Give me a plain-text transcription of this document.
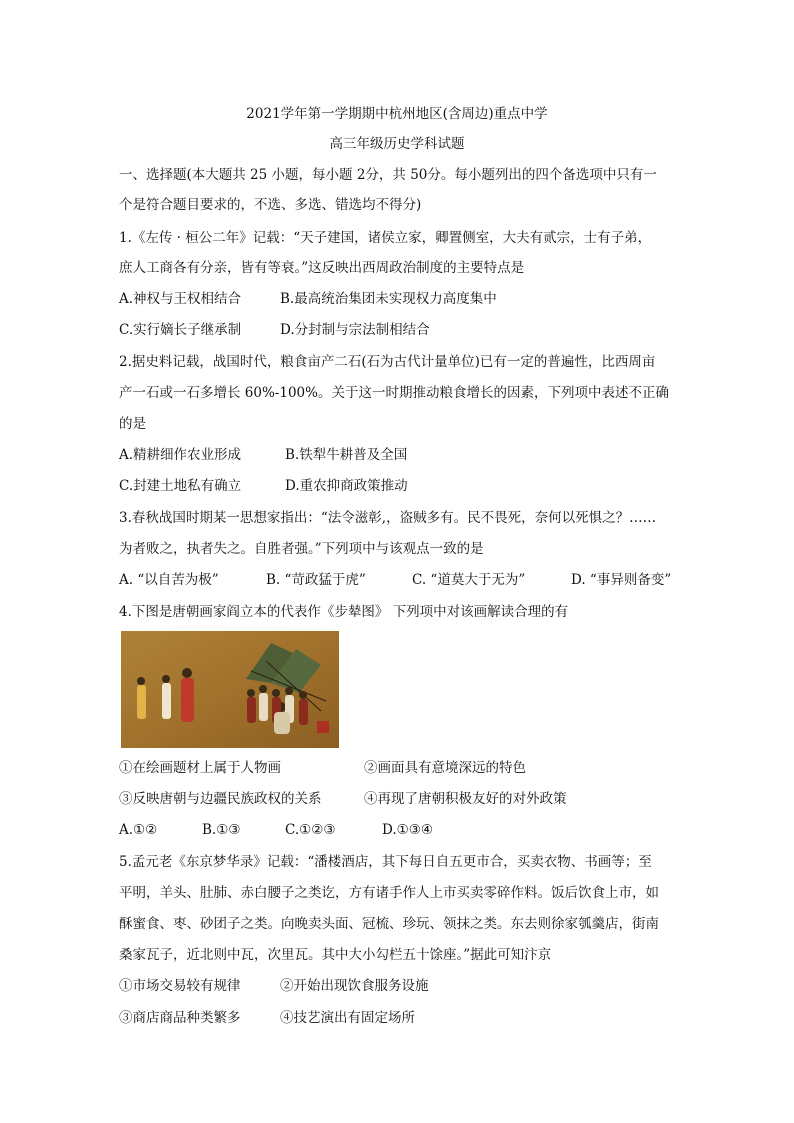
2021学年第一学期期中杭州地区(含周边)重点中学
高三年级历史学科试题
一、选择题(本大题共 25 小题，每小题 2分，共 50分。每小题列出的四个备选项中只有一
个是符合题目要求的，不选、多选、错选均不得分)
1.《左传 · 桓公二年》记载：“天子建国，诸侯立家，卿置侧室，大夫有贰宗，士有子弟，
庶人工商各有分亲，皆有等衰。”这反映出西周政治制度的主要特点是
A.神权与王权相结合	B.最高统治集团未实现权力高度集中
C.实行嫡长子继承制	D.分封制与宗法制相结合
2.据史料记载，战国时代，粮食亩产二石(石为古代计量单位)已有一定的普遍性，比西周亩
产一石或一石多增长 60%-100%。关于这一时期推动粮食增长的因素，下列项中表述不正确
的是
A.精耕细作农业形成	B.铁犁牛耕普及全国
C.封建土地私有确立	D.重农抑商政策推动
3.春秋战国时期某一思想家指出：“法令滋彰,，盗贼多有。民不畏死，奈何以死惧之？……
为者败之，执者失之。自胜者强。”下列项中与该观点一致的是
A. “以自苦为极”	B. “苛政猛于虎”	C. “道莫大于无为”	D. “事异则备变”
4.下图是唐朝画家阎立本的代表作《步辇图》 下列项中对该画解读合理的有
①在绘画题材上属于人物画	②画面具有意境深远的特色
③反映唐朝与边疆民族政权的关系	④再现了唐朝积极友好的对外政策
A.①②	B.①③	C.①②③	D.①③④
5.孟元老《东京梦华录》记载：“潘楼酒店，其下每日自五更市合，买卖衣物、书画等；至
平明，羊头、肚肺、赤白腰子之类讫，方有诸手作人上市买卖零碎作料。饭后饮食上市，如
酥蜜食、枣、砂团子之类。向晚卖头面、冠梳、珍玩、领抹之类。东去则徐家瓠羹店，街南
桑家瓦子，近北则中瓦，次里瓦。其中大小勾栏五十馀座。”据此可知汴京
①市场交易较有规律	②开始出现饮食服务设施
③商店商品种类繁多	④技艺演出有固定场所
